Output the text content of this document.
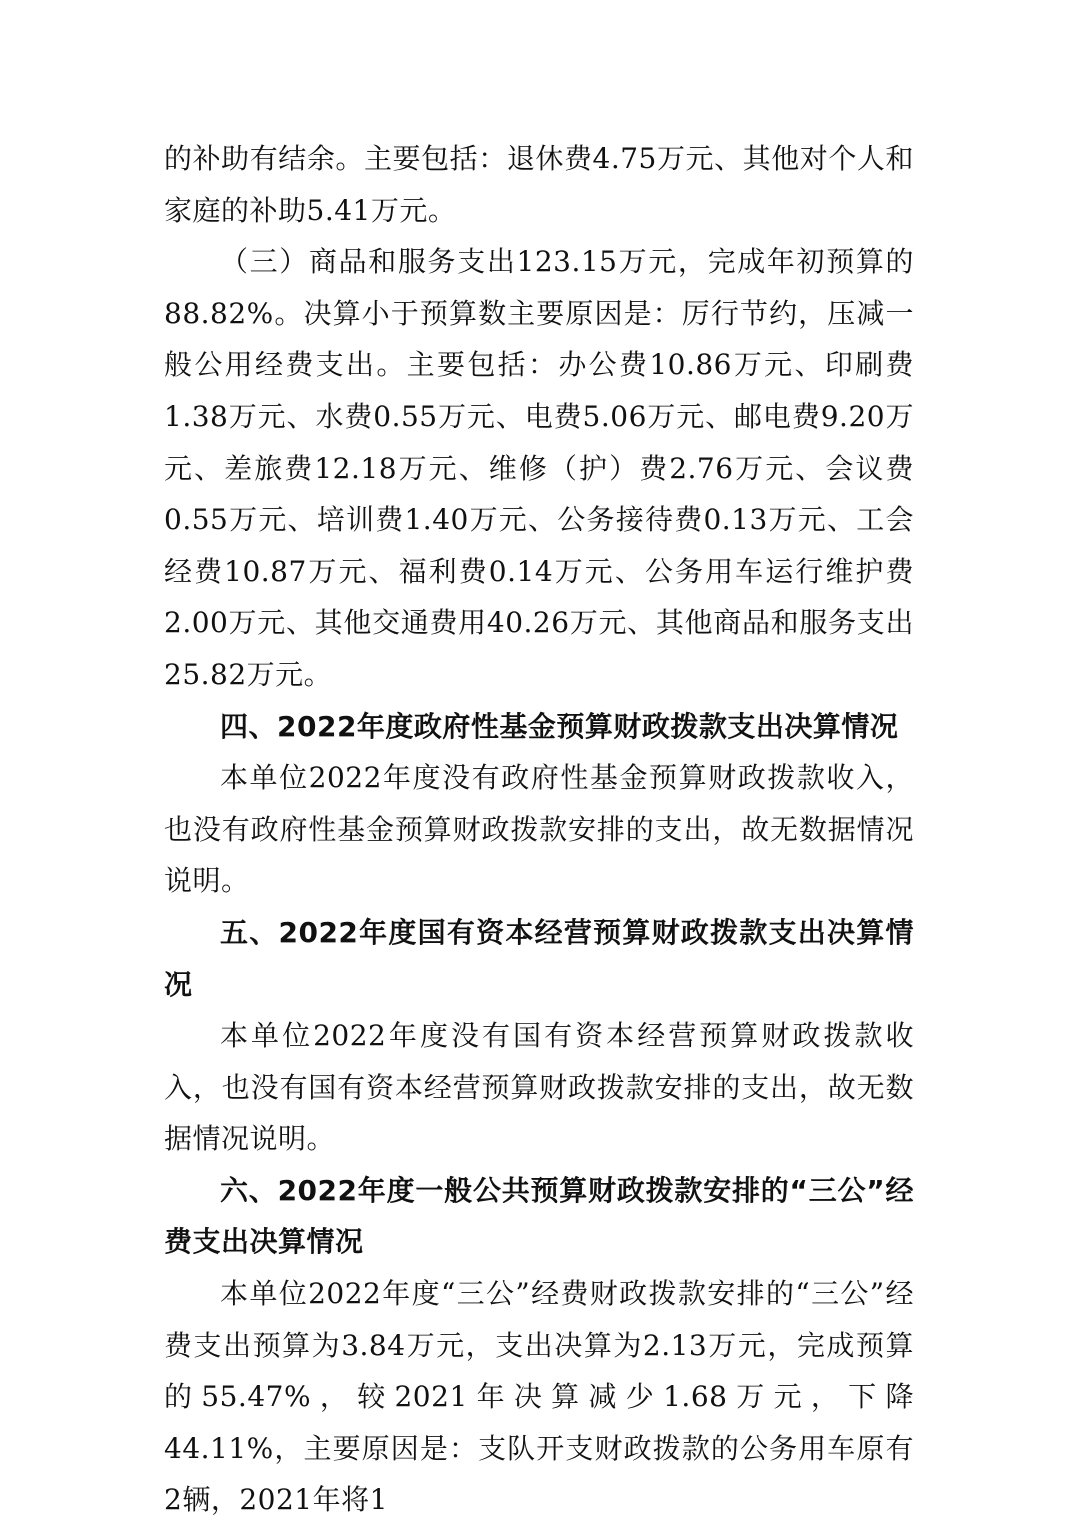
的补助有结余。主要包括：退休费4.75万元、其他对个人和家庭的补助5.41万元。

（三）商品和服务支出123.15万元，完成年初预算的88.82%。决算小于预算数主要原因是：厉行节约，压减一般公用经费支出。主要包括：办公费10.86万元、印刷费1.38万元、水费0.55万元、电费5.06万元、邮电费9.20万元、差旅费12.18万元、维修（护）费2.76万元、会议费0.55万元、培训费1.40万元、公务接待费0.13万元、工会经费10.87万元、福利费0.14万元、公务用车运行维护费2.00万元、其他交通费用40.26万元、其他商品和服务支出25.82万元。

四、2022年度政府性基金预算财政拨款支出决算情况

本单位2022年度没有政府性基金预算财政拨款收入，也没有政府性基金预算财政拨款安排的支出，故无数据情况说明。

五、2022年度国有资本经营预算财政拨款支出决算情况

本单位2022年度没有国有资本经营预算财政拨款收入，也没有国有资本经营预算财政拨款安排的支出，故无数据情况说明。

六、2022年度一般公共预算财政拨款安排的“三公”经费支出决算情况

本单位2022年度“三公”经费财政拨款安排的“三公”经费支出预算为3.84万元，支出决算为2.13万元，完成预算的55.47%，较2021年决算减少1.68万元，下降44.11%，主要原因是：支队开支财政拨款的公务用车原有2辆，2021年将1
